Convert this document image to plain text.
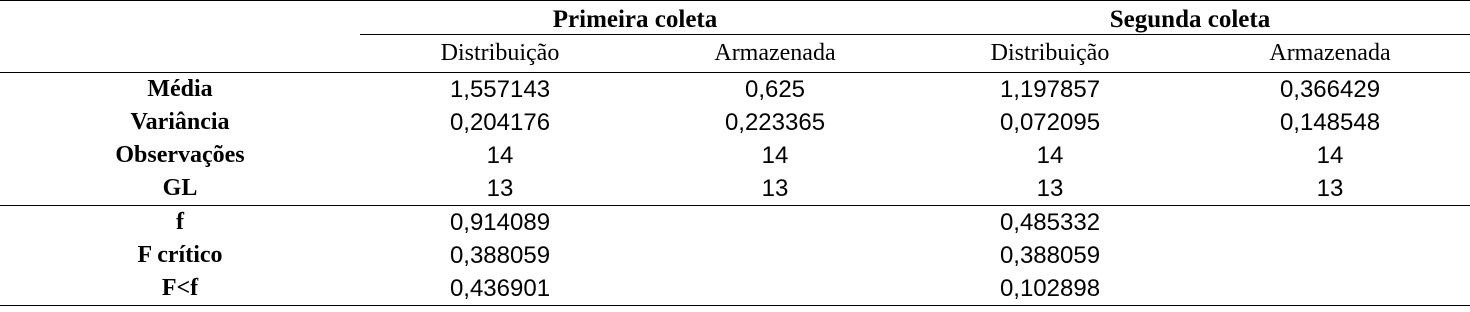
	Primeira coleta		Segunda coleta	
	Distribuição	Armazenada	Distribuição	Armazenada
Média	1,557143	0,625	1,197857	0,366429
Variância	0,204176	0,223365	0,072095	0,148548
Observações	14	14	14	14
GL	13	13	13	13
f	0,914089		0,485332	
F crítico	0,388059		0,388059	
F<f	0,436901		0,102898	
